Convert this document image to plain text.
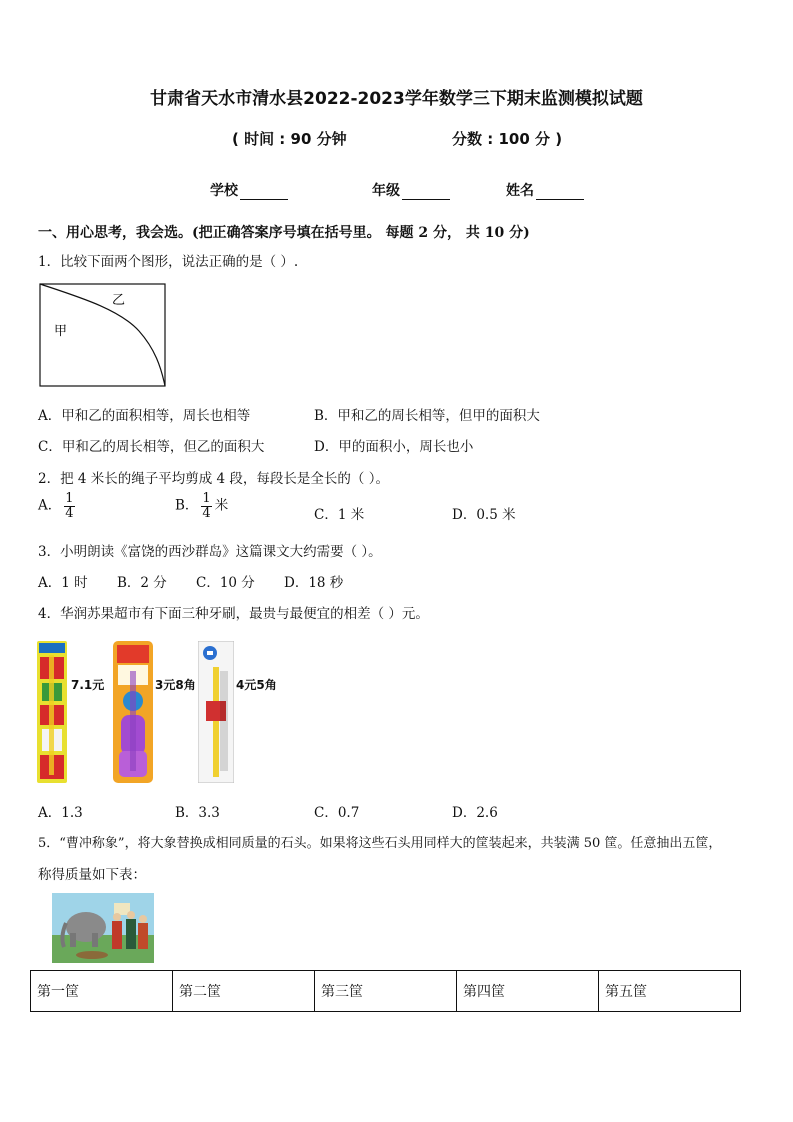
甘肃省天水市清水县2022-2023学年数学三下期末监测模拟试题
( 时间 : 90 分钟	分数 : 100 分 )
学校	年级	姓名
一、用心思考，我会选。(把正确答案序号填在括号里。 每题 2 分， 共 10 分)
1．比较下面两个图形，说法正确的是（ ）.
乙
甲
A．甲和乙的面积相等，周长也相等	B．甲和乙的周长相等，但甲的面积大
C．甲和乙的周长相等，但乙的面积大	D．甲的面积小，周长也小
2．把 4 米长的绳子平均剪成 4 段，每段长是全长的（ ）。
A． $\frac{1}{4}$	B． $\frac{1}{4}$ 米
C．1 米	D．0.5 米
3．小明朗读《富饶的西沙群岛》这篇课文大约需要（ ）。
A．1 时 B．2 分 C．10 分 D．18 秒
4．华润苏果超市有下面三种牙刷，最贵与最便宜的相差（ ）元。
7.1元	3元8角	4元5角
A．1.3	B．3.3	C．0.7	D．2.6
5．“曹冲称象”，将大象替换成相同质量的石头。如果将这些石头用同样大的筐装起来，共装满 50 筐。任意抽出五筐，
称得质量如下表：
第一筐	第二筐	第三筐	第四筐	第五筐
